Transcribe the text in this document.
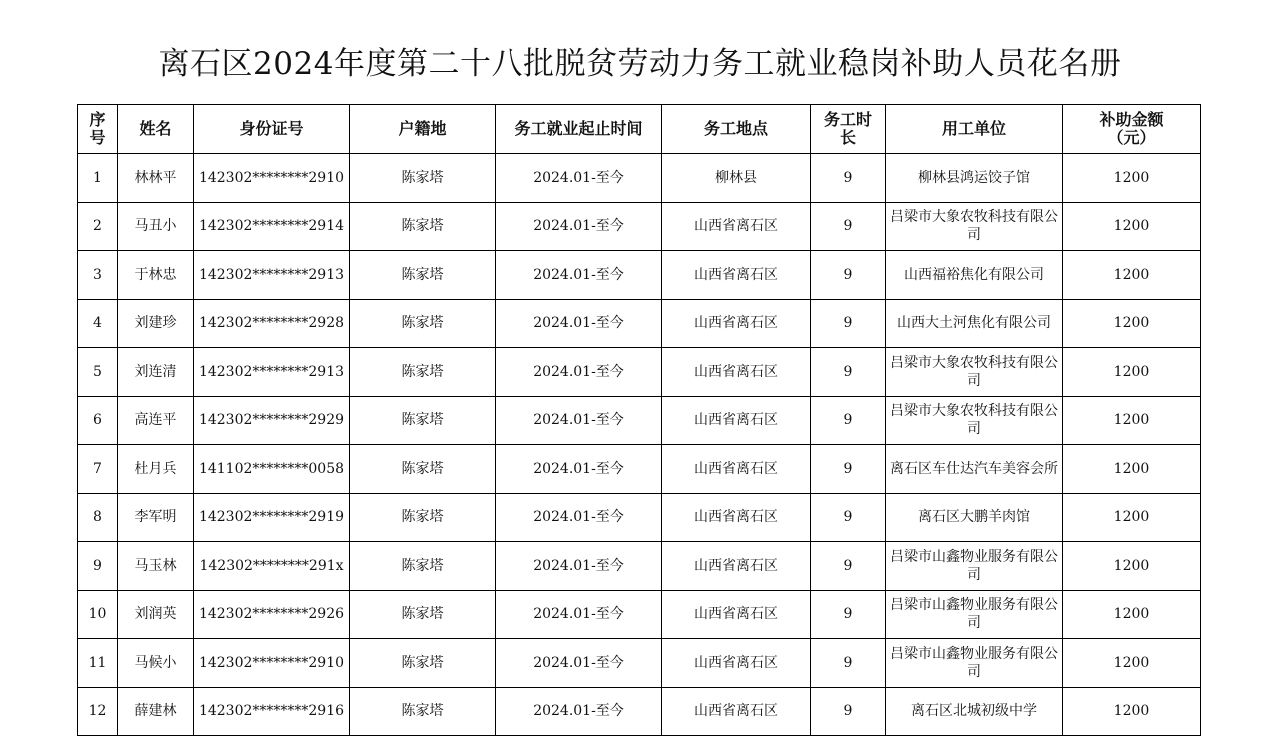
离石区2024年度第二十八批脱贫劳动力务工就业稳岗补助人员花名册
序号	姓名	身份证号	户籍地	务工就业起止时间	务工地点	务工时长	用工单位	补助金额（元）
1	林林平	142302********2910	陈家塔	2024.01-至今	柳林县	9	柳林县鸿运饺子馆	1200
2	马丑小	142302********2914	陈家塔	2024.01-至今	山西省离石区	9	吕梁市大象农牧科技有限公司	1200
3	于林忠	142302********2913	陈家塔	2024.01-至今	山西省离石区	9	山西福裕焦化有限公司	1200
4	刘建珍	142302********2928	陈家塔	2024.01-至今	山西省离石区	9	山西大土河焦化有限公司	1200
5	刘连清	142302********2913	陈家塔	2024.01-至今	山西省离石区	9	吕梁市大象农牧科技有限公司	1200
6	高连平	142302********2929	陈家塔	2024.01-至今	山西省离石区	9	吕梁市大象农牧科技有限公司	1200
7	杜月兵	141102********0058	陈家塔	2024.01-至今	山西省离石区	9	离石区车仕达汽车美容会所	1200
8	李军明	142302********2919	陈家塔	2024.01-至今	山西省离石区	9	离石区大鹏羊肉馆	1200
9	马玉林	142302********291x	陈家塔	2024.01-至今	山西省离石区	9	吕梁市山鑫物业服务有限公司	1200
10	刘润英	142302********2926	陈家塔	2024.01-至今	山西省离石区	9	吕梁市山鑫物业服务有限公司	1200
11	马候小	142302********2910	陈家塔	2024.01-至今	山西省离石区	9	吕梁市山鑫物业服务有限公司	1200
12	薛建林	142302********2916	陈家塔	2024.01-至今	山西省离石区	9	离石区北城初级中学	1200
